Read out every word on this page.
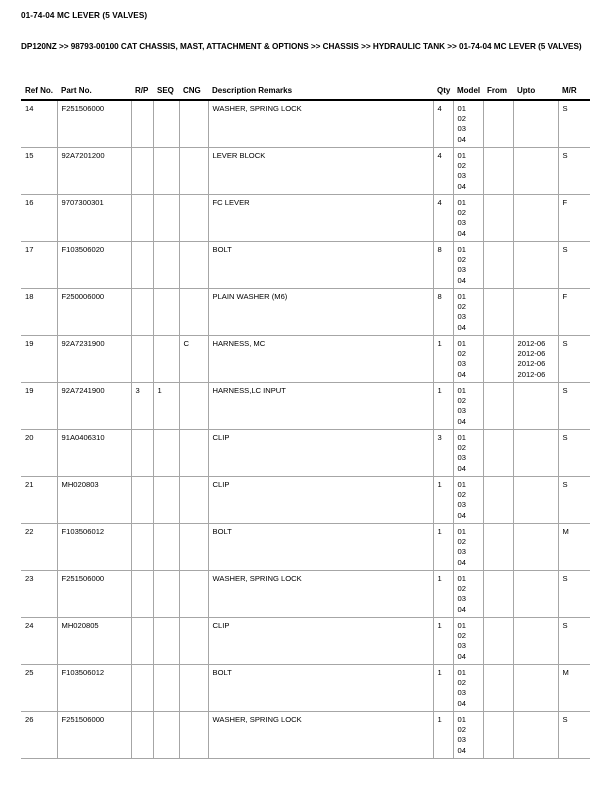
01-74-04 MC LEVER (5 VALVES)
DP120NZ >> 98793-00100 CAT CHASSIS, MAST, ATTACHMENT & OPTIONS >> CHASSIS >> HYDRAULIC TANK >> 01-74-04 MC LEVER (5 VALVES)
Ref No.	Part No.	R/P	SEQ	CNG	Description Remarks	Qty	Model	From	Upto	M/R
14	F251506000				WASHER, SPRING LOCK	4	01
02
03
04			S
15	92A7201200				LEVER BLOCK	4	01
02
03
04			S
16	9707300301				FC LEVER	4	01
02
03
04			F
17	F103506020				BOLT	8	01
02
03
04			S
18	F250006000				PLAIN WASHER (M6)	8	01
02
03
04			F
19	92A7231900			C	HARNESS, MC	1	01
02
03
04		2012-06
2012-06
2012-06
2012-06	S
19	92A7241900	3	1		HARNESS,LC INPUT	1	01
02
03
04			S
20	91A0406310				CLIP	3	01
02
03
04			S
21	MH020803				CLIP	1	01
02
03
04			S
22	F103506012				BOLT	1	01
02
03
04			M
23	F251506000				WASHER, SPRING LOCK	1	01
02
03
04			S
24	MH020805				CLIP	1	01
02
03
04			S
25	F103506012				BOLT	1	01
02
03
04			M
26	F251506000				WASHER, SPRING LOCK	1	01
02
03
04			S
